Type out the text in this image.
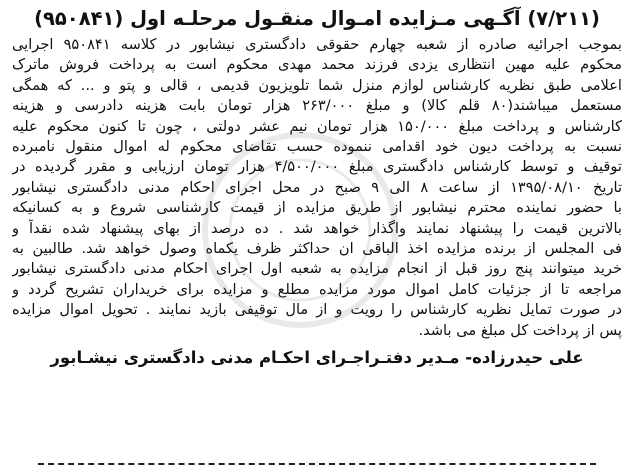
(۷/۲۱۱) آگـهی مـزایده امـوال منقـول مرحلـه اول (۹۵۰۸۴۱)

بموجب اجرائیه صادره از شعبه چهارم حقوقی دادگستری نیشابور در کلاسه ۹۵۰۸۴۱ اجرایی
محکوم علیه مهین انتظاری یزدی فرزند محمد مهدی محکوم است به پرداخت فروش ماترک
اعلامی طبق نظریه کارشناس لوازم منزل شما تلویزیون قدیمی ، قالی و پتو و ... که همگی
مستعمل میباشند(۸۰ قلم کالا) و مبلغ ۲۶۳/۰۰۰ هزار تومان بابت هزینه دادرسی و هزینه
کارشناس و پرداخت مبلغ ۱۵۰/۰۰۰ هزار تومان نیم عشر دولتی ، چون تا کنون محکوم علیه
نسبت به پرداخت دیون خود اقدامی ننموده حسب تقاضای محکوم له اموال منقول نامبرده
توقیف و توسط کارشناس دادگستری مبلغ ۴/۵۰۰/۰۰۰ هزار تومان ارزیابی و مقرر گردیده در
تاریخ ۱۳۹۵/۰۸/۱۰ از ساعت ۸ الی ۹ صبح در محل اجرای احکام مدنی دادگستری نیشابور
با حضور نماینده محترم نیشابور از طریق مزایده از قیمت کارشناسی شروع و به کسانیکه
بالاترین قیمت را پیشنهاد نمایند واگذار خواهد شد . ده درصد از بهای پیشنهاد شده نقداً و
فی المجلس از برنده مزایده اخذ الباقی ان حداکثر ظرف یکماه وصول خواهد شد. طالبین به
خرید میتوانند پنج روز قبل از انجام مزایده به شعبه اول اجرای احکام مدنی دادگستری نیشابور
مراجعه تا از جزئیات کامل اموال مورد مزایده مطلع و مزایده برای خریداران تشریح گردد و
در صورت تمایل نظریه کارشناس را رویت و از مال توقیفی بازید نمایند . تحویل اموال مزایده
پس از پرداخت کل مبلغ می باشد.

علی حیدرزاده- مـدیر دفتـراجـرای احکـام مدنی دادگستری نیشـابور
